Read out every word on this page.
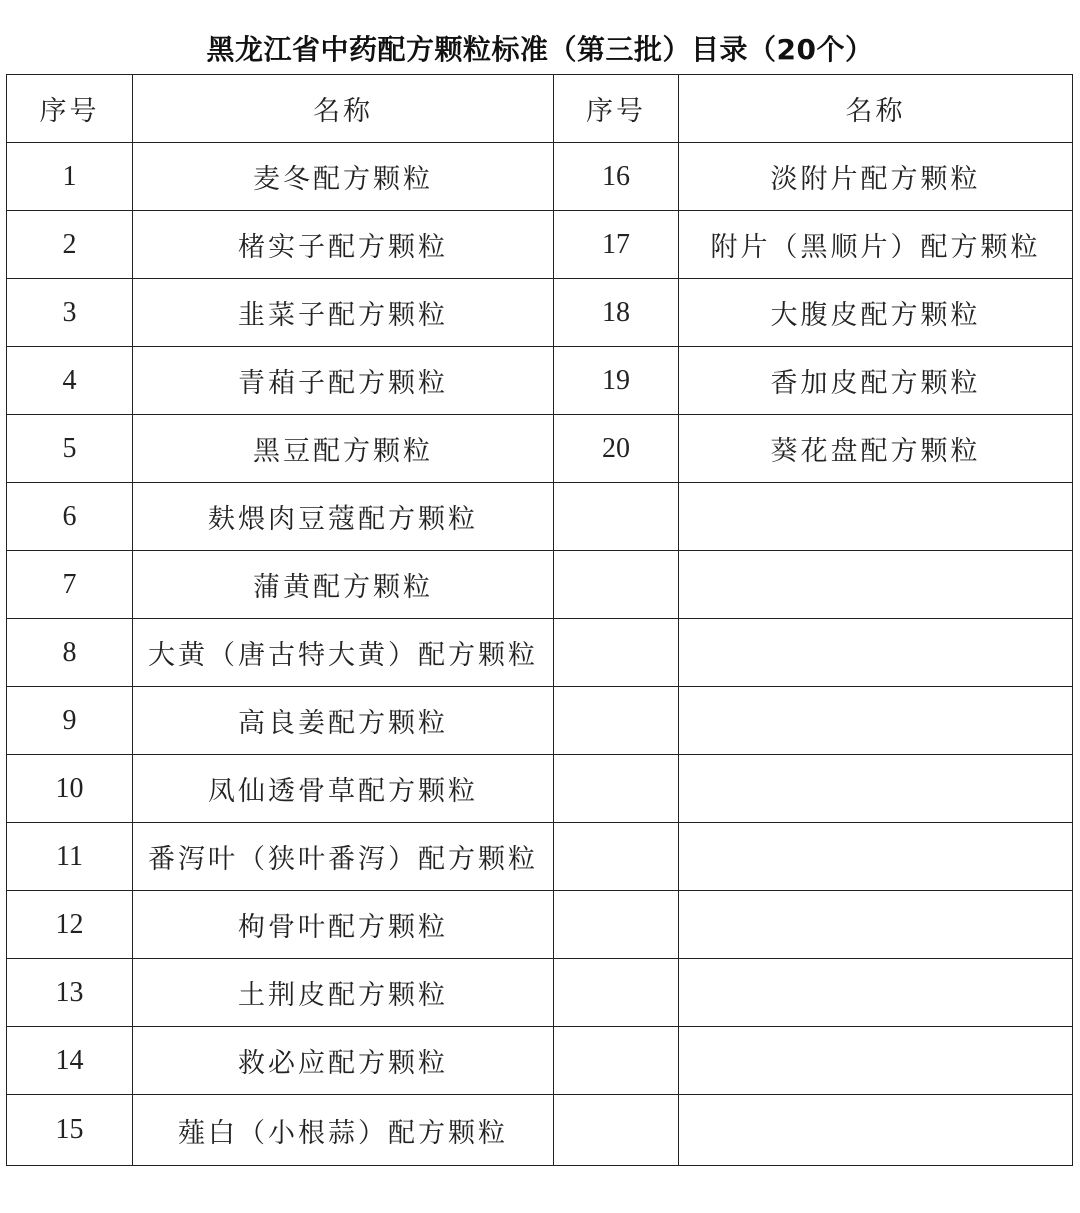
黑龙江省中药配方颗粒标准（第三批）目录（20个）
序号	名称	序号	名称
1	麦冬配方颗粒	16	淡附片配方颗粒
2	楮实子配方颗粒	17	附片（黑顺片）配方颗粒
3	韭菜子配方颗粒	18	大腹皮配方颗粒
4	青葙子配方颗粒	19	香加皮配方颗粒
5	黑豆配方颗粒	20	葵花盘配方颗粒
6	麸煨肉豆蔻配方颗粒		
7	蒲黄配方颗粒		
8	大黄（唐古特大黄）配方颗粒		
9	高良姜配方颗粒		
10	凤仙透骨草配方颗粒		
11	番泻叶（狭叶番泻）配方颗粒		
12	枸骨叶配方颗粒		
13	土荆皮配方颗粒		
14	救必应配方颗粒		
15	薤白（小根蒜）配方颗粒		
